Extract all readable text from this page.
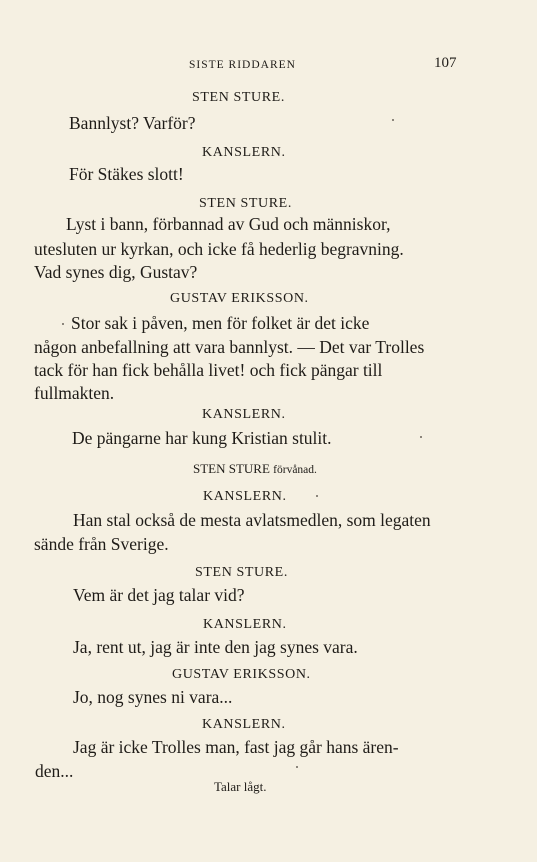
SISTE RIDDAREN	107
STEN STURE.
Bannlyst? Varför?
KANSLERN.
För Stäkes slott!
STEN STURE.
Lyst i bann, förbannad av Gud och människor,
utesluten ur kyrkan, och icke få hederlig begravning.
Vad synes dig, Gustav?
GUSTAV ERIKSSON.
Stor sak i påven, men för folket är det icke
någon anbefallning att vara bannlyst. — Det var Trolles
tack för han fick behålla livet! och fick pängar till
fullmakten.
KANSLERN.
De pängarne har kung Kristian stulit.
STEN STURE förvånad.
KANSLERN.
Han stal också de mesta avlatsmedlen, som legaten
sände från Sverige.
STEN STURE.
Vem är det jag talar vid?
KANSLERN.
Ja, rent ut, jag är inte den jag synes vara.
GUSTAV ERIKSSON.
Jo, nog synes ni vara...
KANSLERN.
Jag är icke Trolles man, fast jag går hans ären-
den...
Talar lågt.
